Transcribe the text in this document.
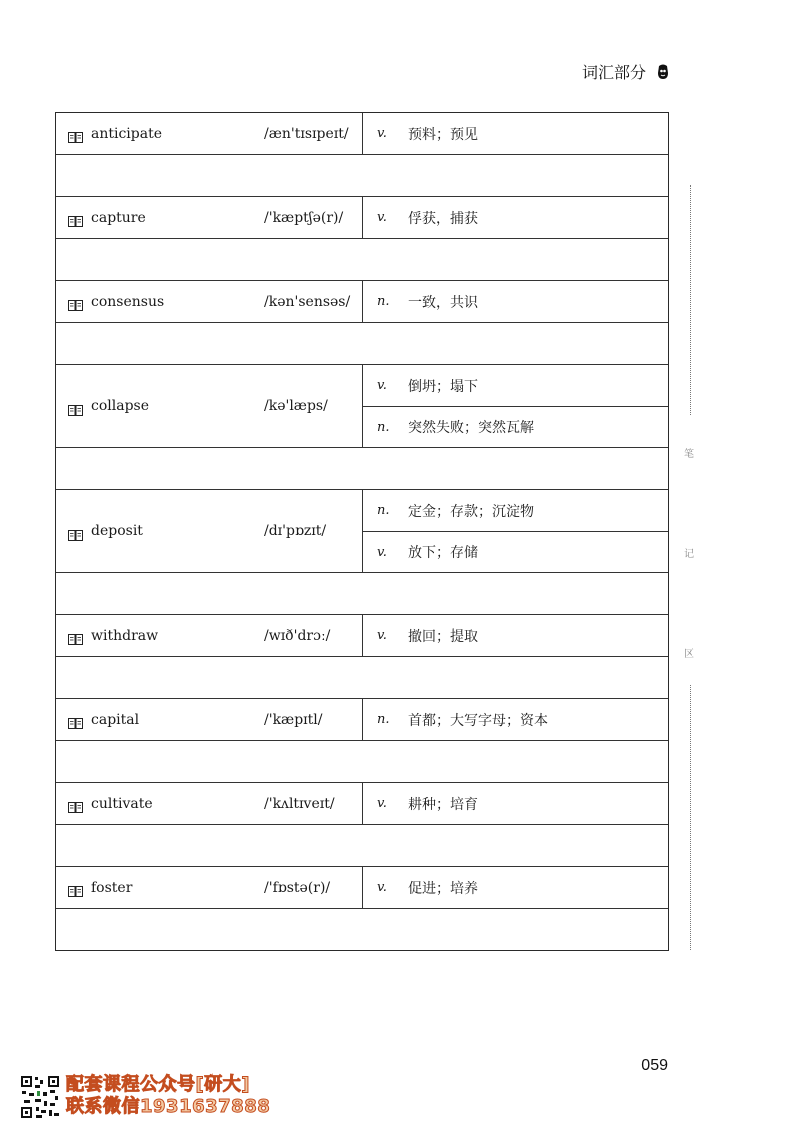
词汇部分
anticipate	/æn'tɪsɪpeɪt/	v.	预料；预见
capture	/'kæptʃə(r)/	v.	俘获，捕获
consensus	/kən'sensəs/	n.	一致，共识
collapse	/kə'læps/
v.	倒坍；塌下
n.	突然失败；突然瓦解
deposit	/dɪ'pɒzɪt/
n.	定金；存款；沉淀物
v.	放下；存储
withdraw	/wɪð'drɔː/	v.	撤回；提取
capital	/'kæpɪtl/	n.	首都；大写字母；资本
cultivate	/'kʌltɪveɪt/	v.	耕种；培育
foster	/'fɒstə(r)/	v.	促进；培养
笔
记
区
059
配套课程公众号[研大]
联系微信1931637888
